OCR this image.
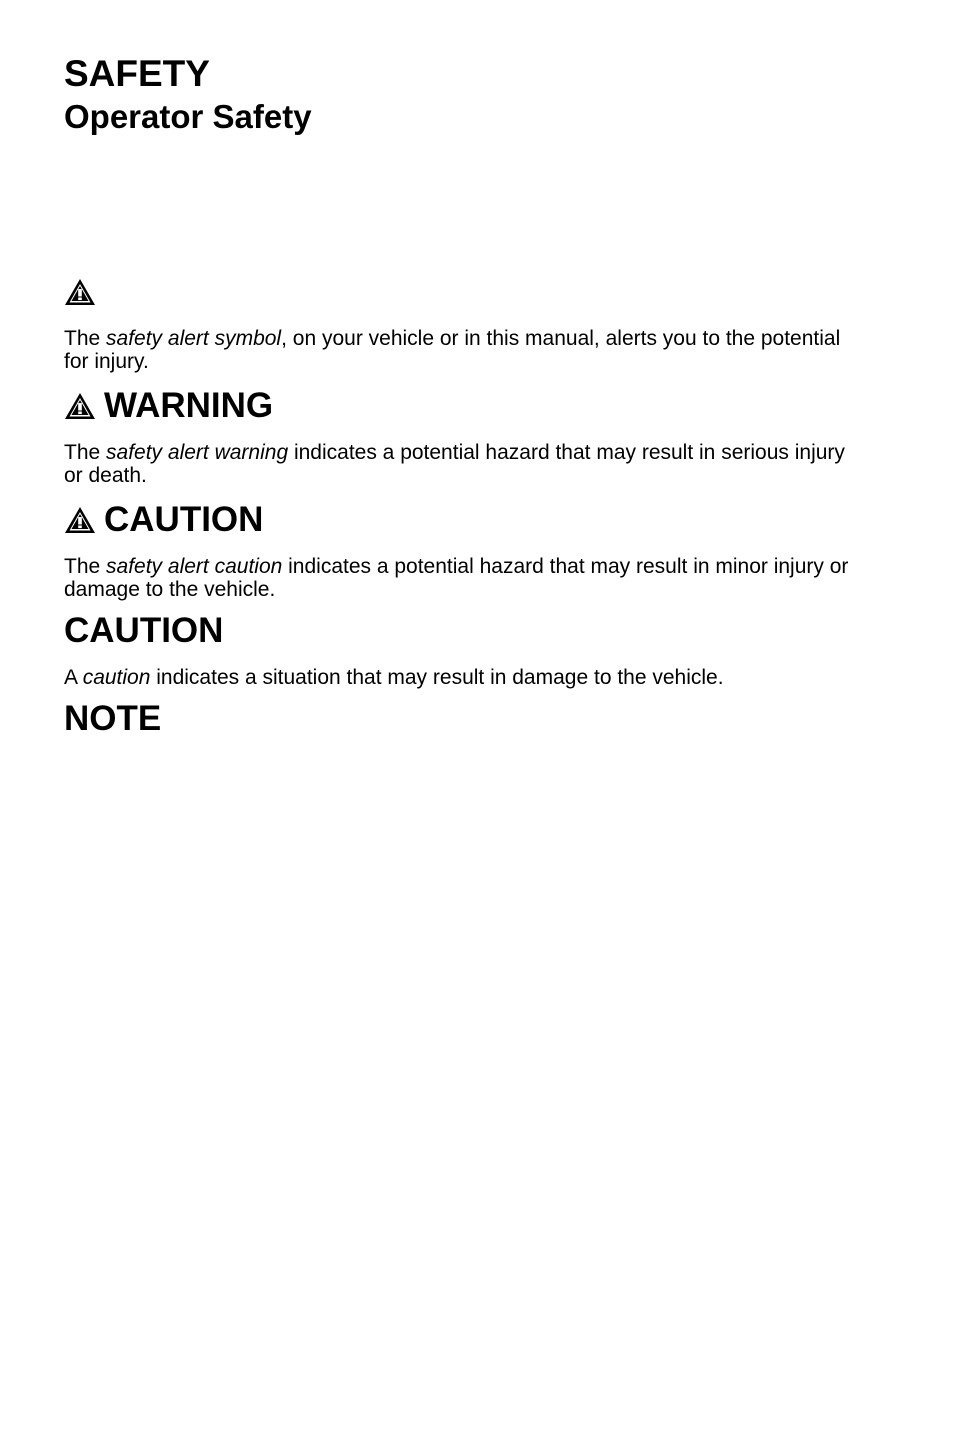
SAFETY
Operator Safety

The safety alert symbol, on your vehicle or in this manual, alerts you to the potential for injury.

WARNING

The safety alert warning indicates a potential hazard that may result in serious injury or death.

CAUTION

The safety alert caution indicates a potential hazard that may result in minor injury or damage to the vehicle.

CAUTION

A caution indicates a situation that may result in damage to the vehicle.

NOTE
